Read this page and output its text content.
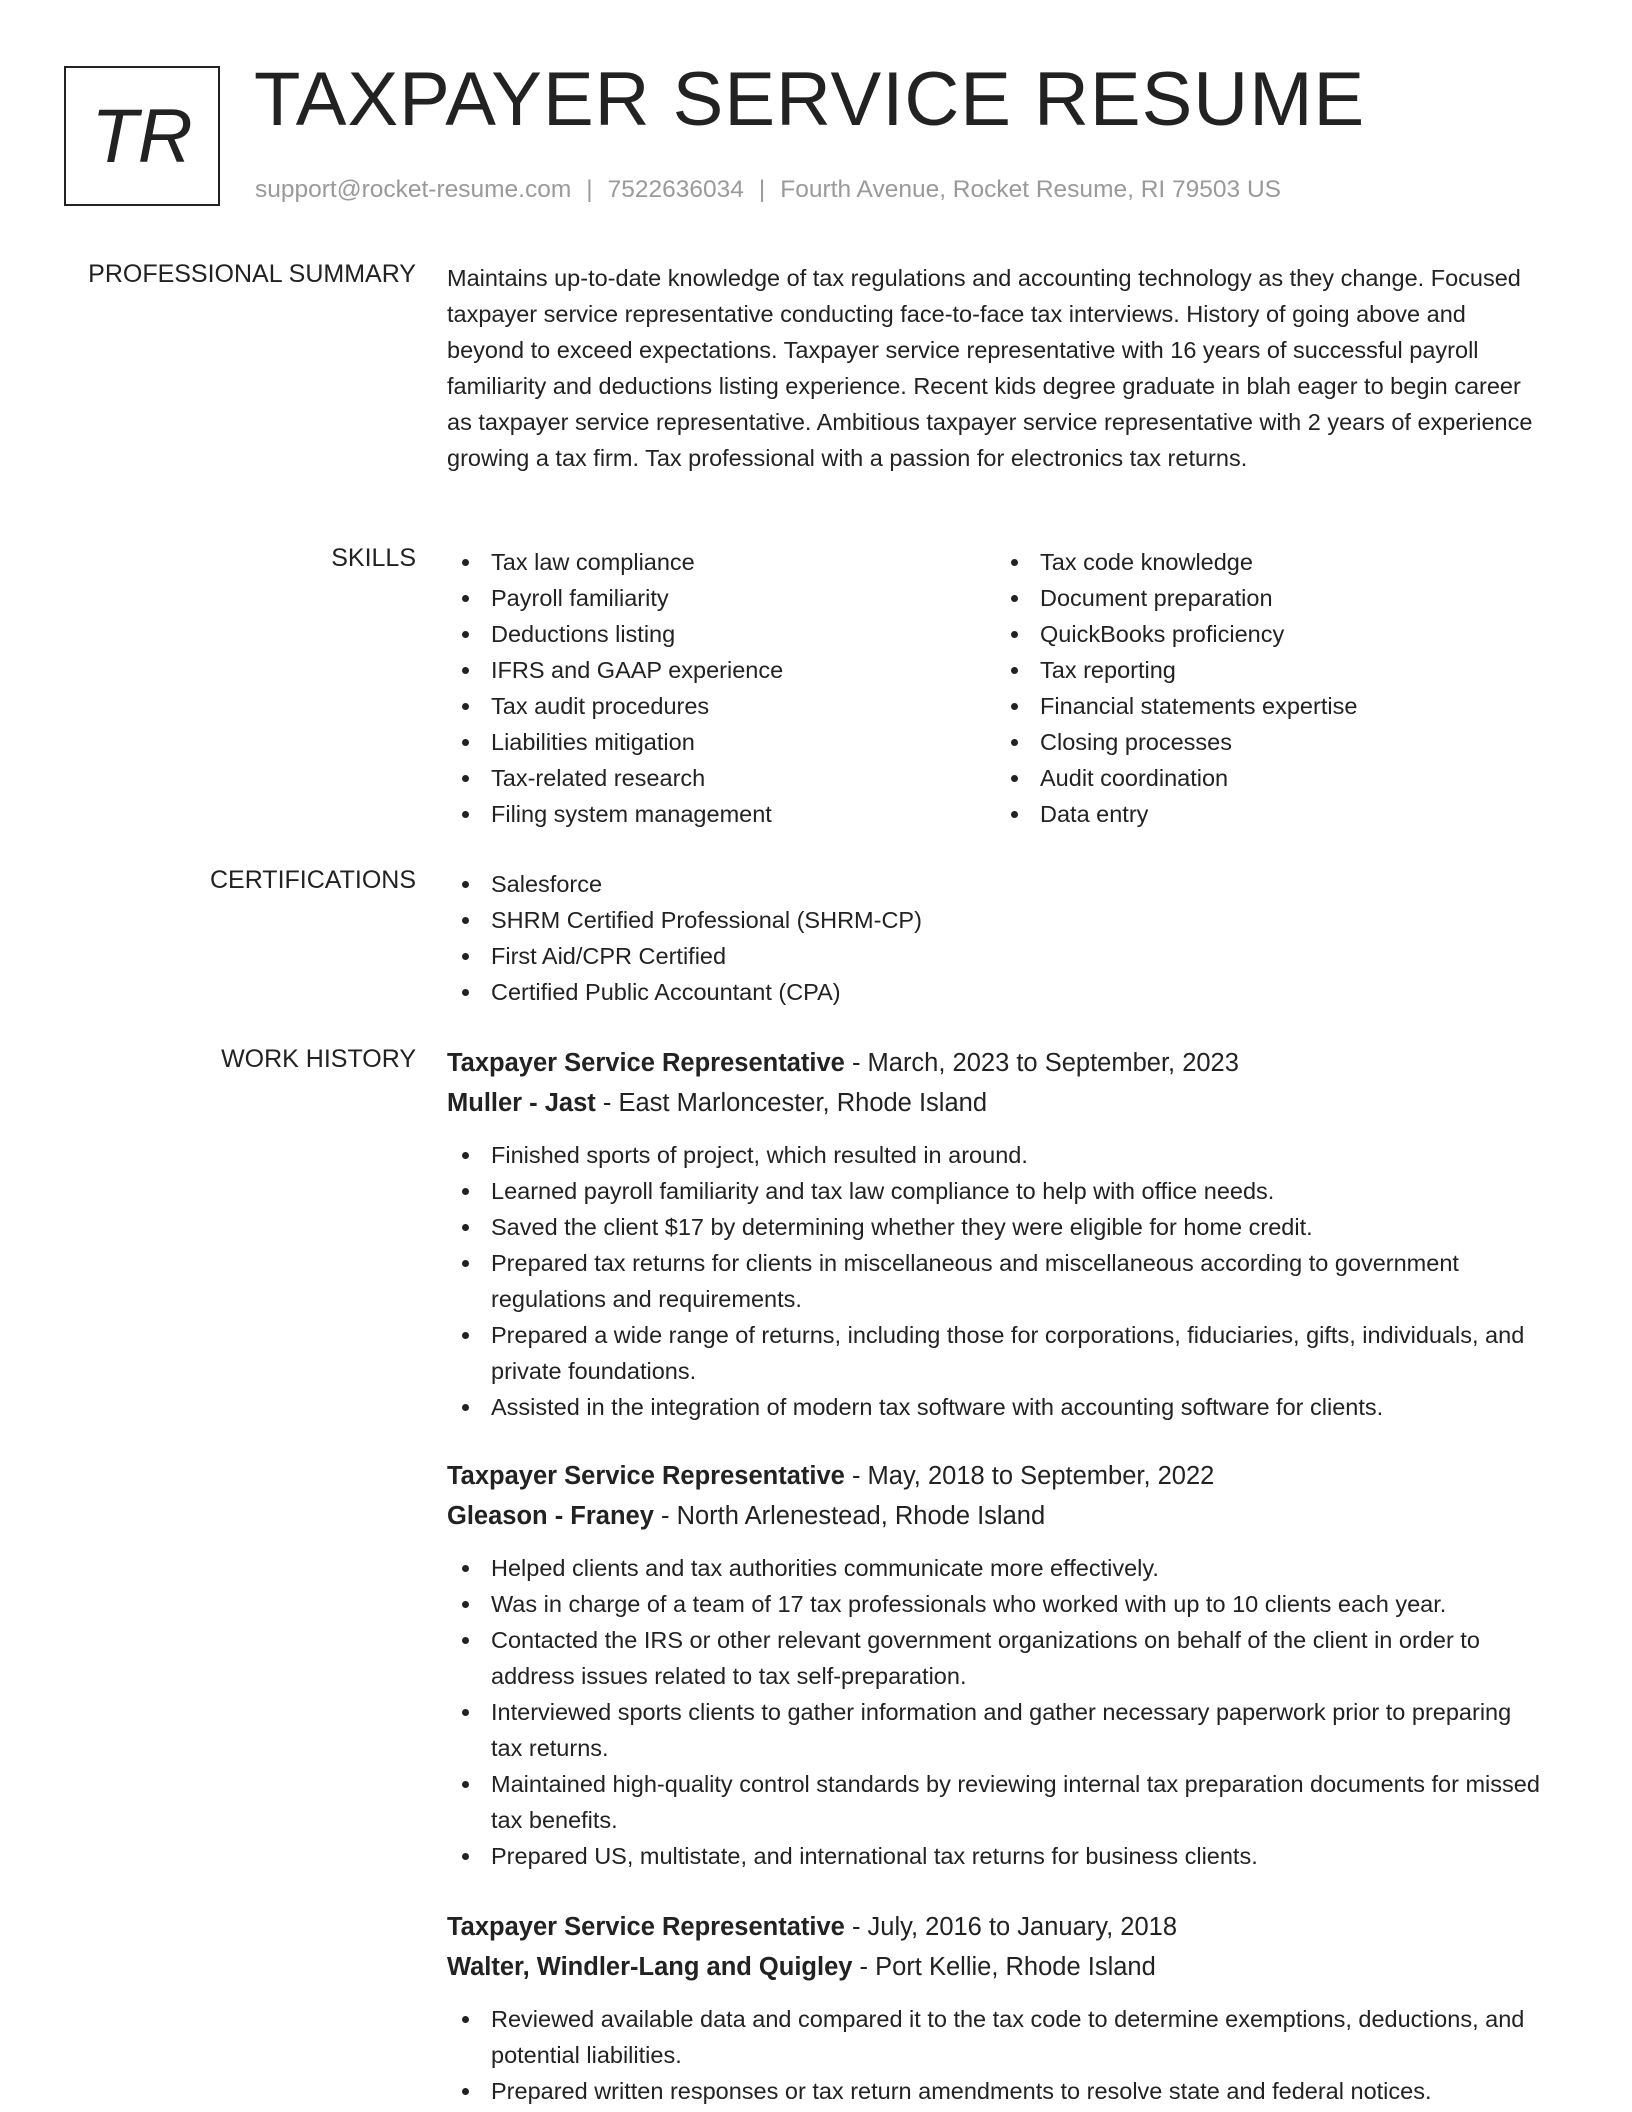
TR TAXPAYER SERVICE RESUME
support@rocket-resume.com | 7522636034 | Fourth Avenue, Rocket Resume, RI 79503 US
PROFESSIONAL SUMMARY Maintains up-to-date knowledge of tax regulations and accounting technology as they change. Focused taxpayer service representative conducting face-to-face tax interviews. History of going above and beyond to exceed expectations. Taxpayer service representative with 16 years of successful payroll familiarity and deductions listing experience. Recent kids degree graduate in blah eager to begin career as taxpayer service representative. Ambitious taxpayer service representative with 2 years of experience growing a tax firm. Tax professional with a passion for electronics tax returns.

SKILLS	Tax law compliance
Payroll familiarity
Deductions listing
IFRS and GAAP experience
Tax audit procedures
Liabilities mitigation
Tax-related research
Filing system management
Tax code knowledge
Document preparation
QuickBooks proficiency
Tax reporting
Financial statements expertise
Closing processes
Audit coordination
Data entry
CERTIFICATIONS	Salesforce
SHRM Certified Professional (SHRM-CP)
First Aid/CPR Certified
Certified Public Accountant (CPA)
WORK HISTORY Taxpayer Service Representative - March, 2023 to September, 2023
Muller - Jast - East Marloncester, Rhode Island
Finished sports of project, which resulted in around.
Learned payroll familiarity and tax law compliance to help with office needs.
Saved the client $17 by determining whether they were eligible for home credit.
Prepared tax returns for clients in miscellaneous and miscellaneous according to government regulations and requirements.
Prepared a wide range of returns, including those for corporations, fiduciaries, gifts, individuals, and private foundations.
Assisted in the integration of modern tax software with accounting software for clients.
Taxpayer Service Representative - May, 2018 to September, 2022
Gleason - Franey - North Arlenestead, Rhode Island
Helped clients and tax authorities communicate more effectively.
Was in charge of a team of 17 tax professionals who worked with up to 10 clients each year.
Contacted the IRS or other relevant government organizations on behalf of the client in order to address issues related to tax self-preparation.
Interviewed sports clients to gather information and gather necessary paperwork prior to preparing tax returns.
Maintained high-quality control standards by reviewing internal tax preparation documents for missed tax benefits.
Prepared US, multistate, and international tax returns for business clients.
Taxpayer Service Representative - July, 2016 to January, 2018
Walter, Windler-Lang and Quigley - Port Kellie, Rhode Island
Reviewed available data and compared it to the tax code to determine exemptions, deductions, and potential liabilities.
Prepared written responses or tax return amendments to resolve state and federal notices.
